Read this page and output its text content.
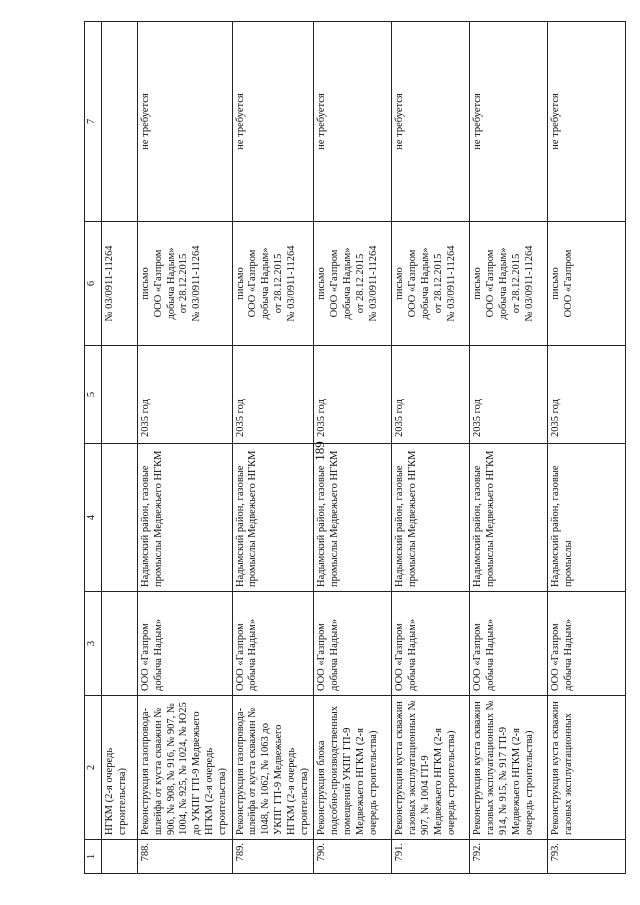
189
1	2	3	4	5	6	7
	НГКМ (2-я очередь строительства)				№ 03/0911-11264	
788.	Реконструкция газопровода-шлейфа от куста скважин № 906, № 908, № 916, № 907, № 1004, № 925, № 1024, № Ю25 до УКПГ ГП-9 Медвежьего НГКМ (2-я очередь строительства)	ООО «Газпром добыча Надым»	Надымский район, газовые промыслы Медвежьего НГКМ	2035 год	письмо ООО «Газпром добыча Надым» от 28.12.2015 № 03/0911-11264	не требуется
789.	Реконструкция газопровода-шлейфа от куста скважин № 1048, № 1062, № 1063 до УКПГ ГП-9 Медвежьего НГКМ (2-я очередь строительства)	ООО «Газпром добыча Надым»	Надымский район, газовые промыслы Медвежьего НГКМ	2035 год	письмо ООО «Газпром добыча Надым» от 28.12.2015 № 03/0911-11264	не требуется
790.	Реконструкция блока подсобно-производственных помещений УКПГ ГП-9 Медвежьего НГКМ (2-я очередь строительства)	ООО «Газпром добыча Надым»	Надымский район, газовые промыслы Медвежьего НГКМ	2035 год	письмо ООО «Газпром добыча Надым» от 28.12.2015 № 03/0911-11264	не требуется
791.	Реконструкция куста скважин газовых эксплуатационных № 907, № 1004 ГП-9 Медвежьего НГКМ (2-я очередь строительства)	ООО «Газпром добыча Надым»	Надымский район, газовые промыслы Медвежьего НГКМ	2035 год	письмо ООО «Газпром добыча Надым» от 28.12.2015 № 03/0911-11264	не требуется
792.	Реконструкция куста скважин газовых эксплуатационных № 914, № 915, № 917 ГП-9 Медвежьего НГКМ (2-я очередь строительства)	ООО «Газпром добыча Надым»	Надымский район, газовые промыслы Медвежьего НГКМ	2035 год	письмо ООО «Газпром добыча Надым» от 28.12.2015 № 03/0911-11264	не требуется
793.	Реконструкция куста скважин газовых эксплуатационных	ООО «Газпром добыча Надым»	Надымский район, газовые промыслы	2035 год	письмо ООО «Газпром	не требуется
